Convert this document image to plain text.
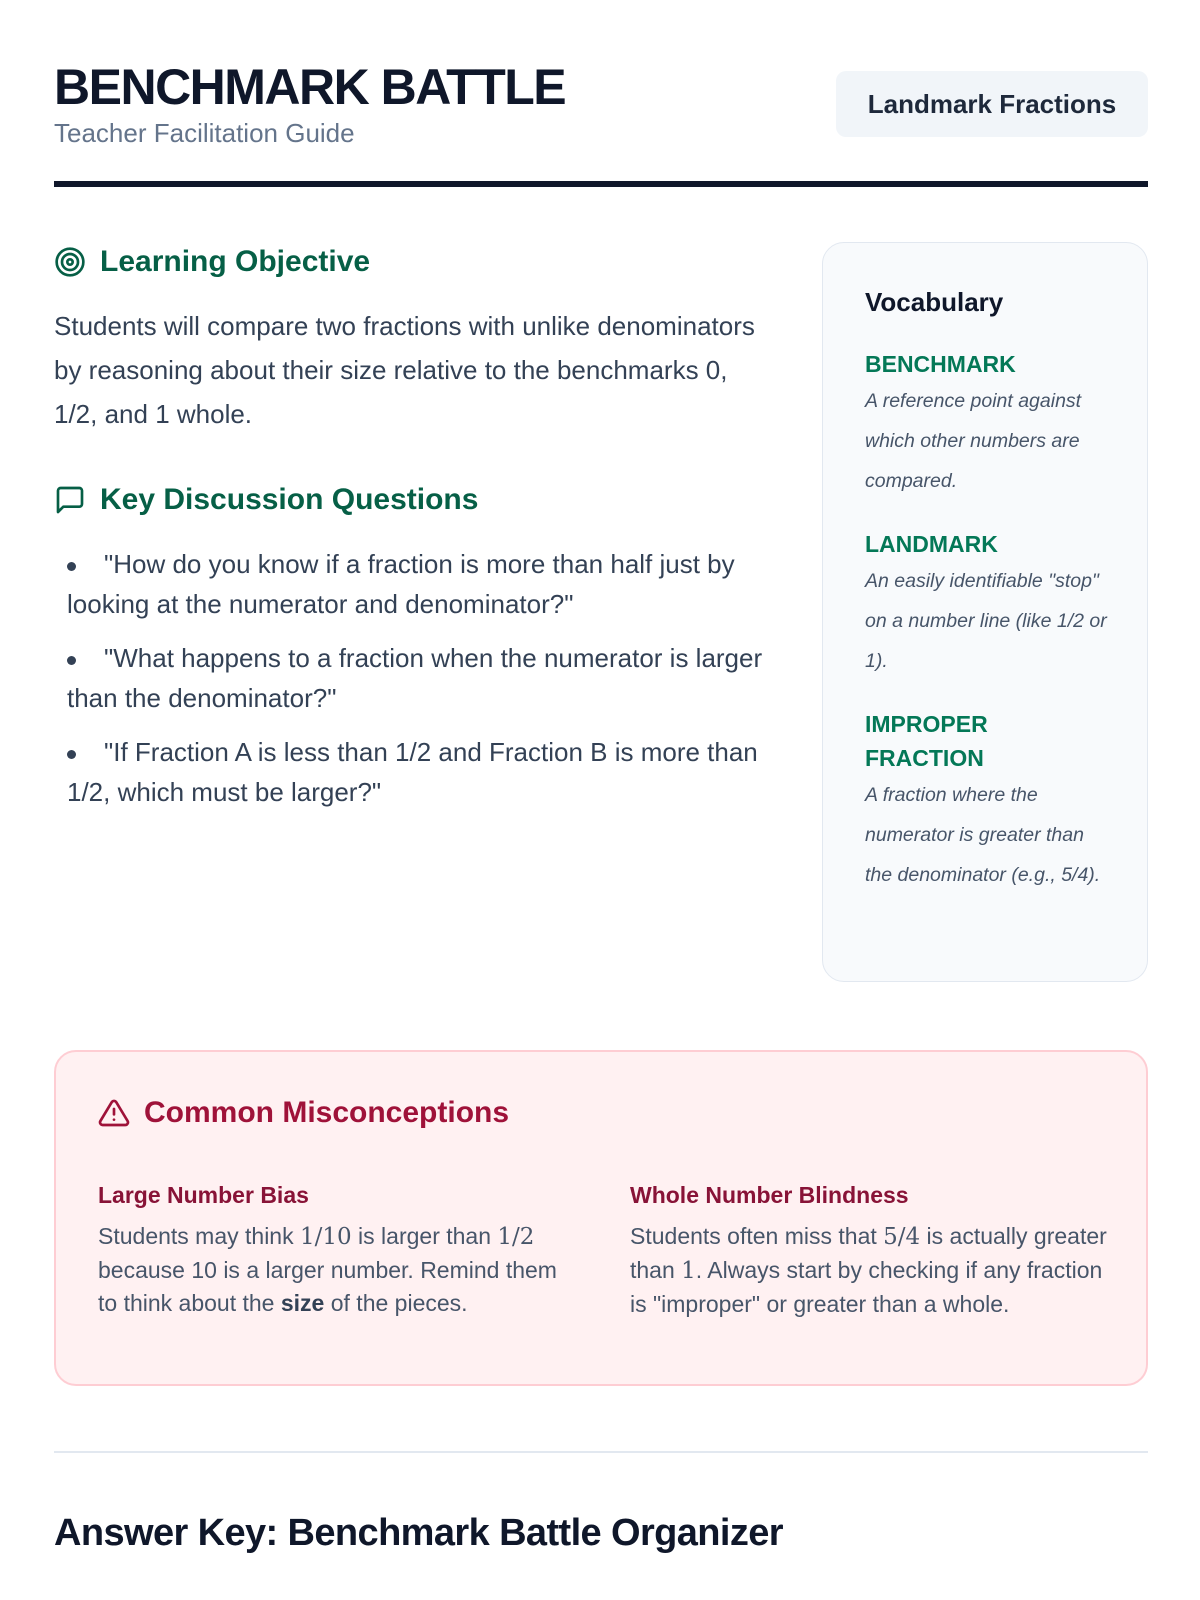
BENCHMARK BATTLE
Teacher Facilitation Guide
Landmark Fractions
Learning Objective

Students will compare two fractions with unlike denominators by reasoning about their size relative to the benchmarks 0, 1/2, and 1 whole.

Key Discussion Questions
"How do you know if a fraction is more than half just by looking at the numerator and denominator?"
"What happens to a fraction when the numerator is larger than the denominator?"
"If Fraction A is less than 1/2 and Fraction B is more than 1/2, which must be larger?"
Vocabulary
BENCHMARK
A reference point against which other numbers are compared.
LANDMARK
An easily identifiable "stop" on a number line (like 1/2 or 1).
IMPROPER FRACTION
A fraction where the numerator is greater than the denominator (e.g., 5/4).
Common Misconceptions
Large Number Bias

Students may think 1/10 is larger than 1/2 because 10 is a larger number. Remind them to think about the size of the pieces.

Whole Number Blindness

Students often miss that 5/4 is actually greater than 1. Always start by checking if any fraction is "improper" or greater than a whole.

Answer Key: Benchmark Battle Organizer
